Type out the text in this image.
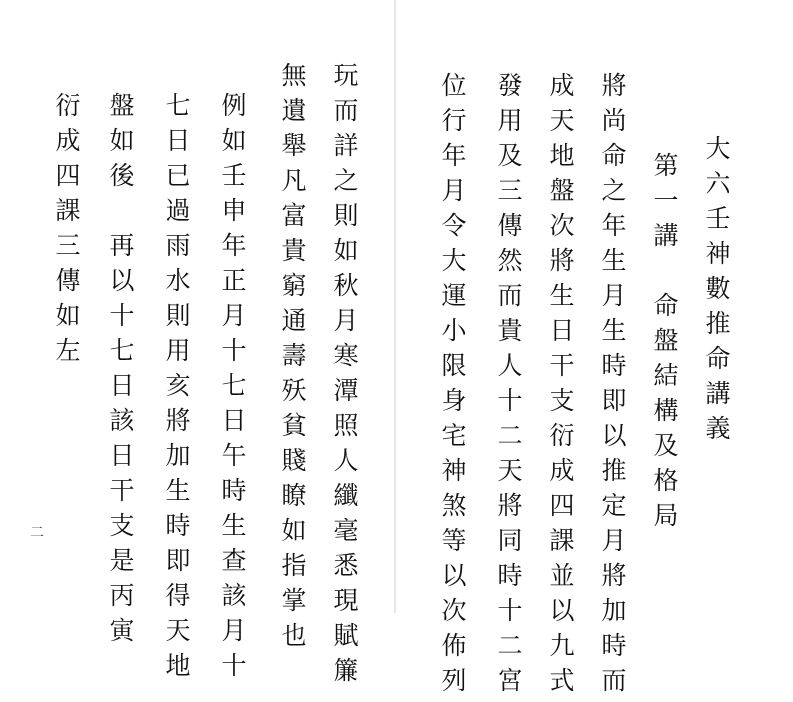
大六壬神數推命講義
第一講　命盤結構及格局
將尚命之年生月生時即以推定月將加時而
成天地盤次將生日干支衍成四課並以九式
發用及三傳然而貴人十二天將同時十二宮
位行年月令大運小限身宅神煞等以次佈列
玩而詳之則如秋月寒潭照人纖毫悉現賦簾
無遺舉凡富貴窮通壽殀貧賤瞭如指掌也
例如壬申年正月十七日午時生查該月十
七日已過雨水則用亥將加生時即得天地
盤如後　再以十七日該日干支是丙寅
衍成四課三傳如左
二
